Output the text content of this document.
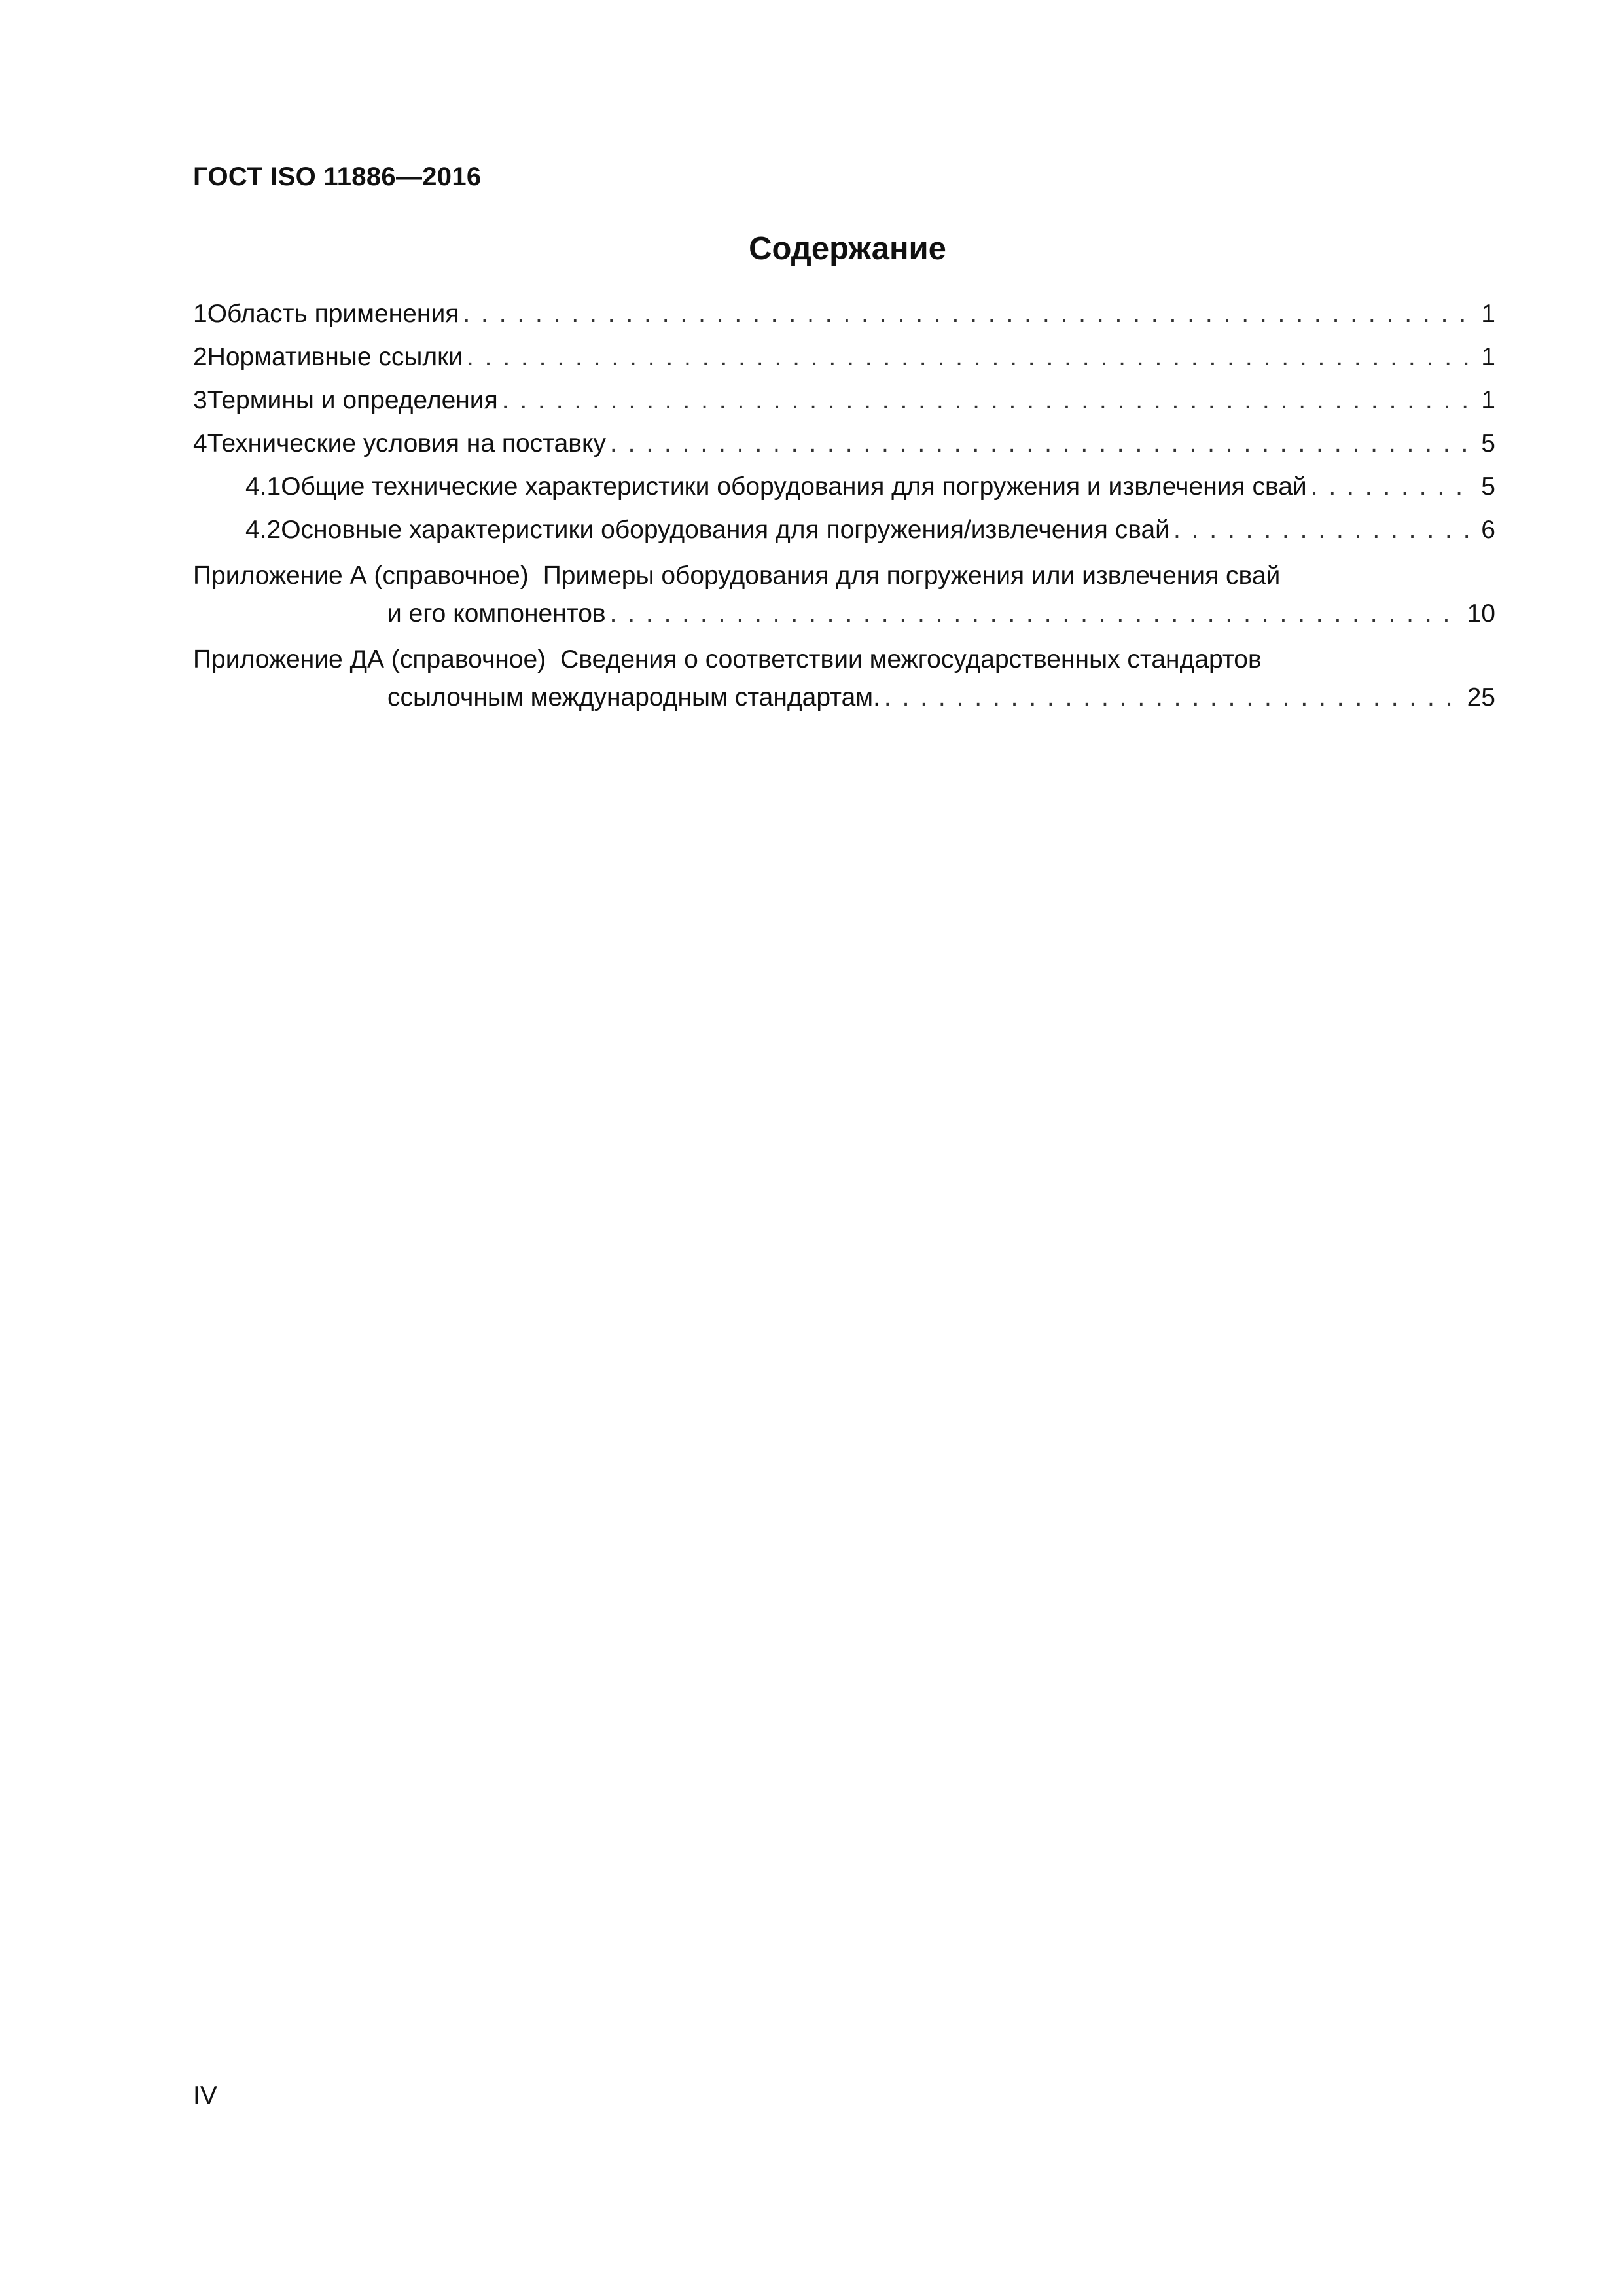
ГОСТ ISO 11886—2016
Содержание
1 Область применения . . .	1
2 Нормативные ссылки . . .	1
3 Термины и определения . . .	1
4 Технические условия на поставку . . .	5
4.1 Общие технические характеристики оборудования для погружения и извлечения свай . . .	5
4.2 Основные характеристики оборудования для погружения/извлечения свай . . .	6
Приложение А (справочное) Примеры оборудования для погружения или извлечения свай
и его компонентов . . .	10
Приложение ДА (справочное) Сведения о соответствии межгосударственных стандартов
ссылочным международным стандартам. . . .	25
IV
